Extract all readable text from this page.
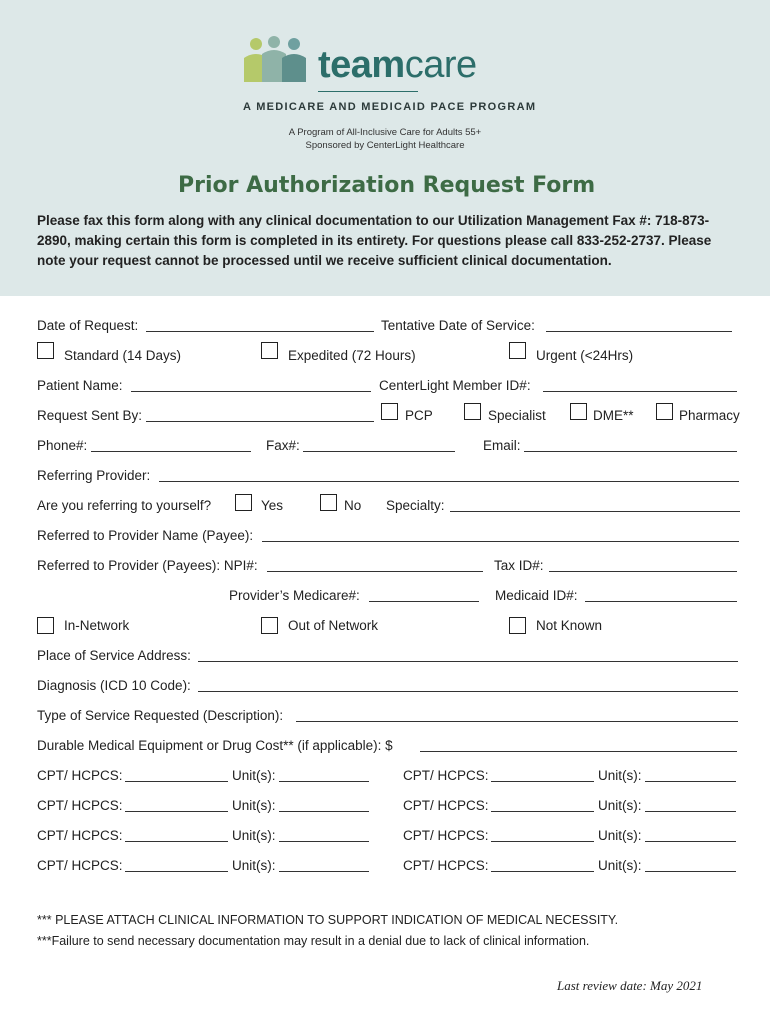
teamcare
A MEDICARE AND MEDICAID PACE PROGRAM
A Program of All-Inclusive Care for Adults 55+
Sponsored by CenterLight Healthcare
Prior Authorization Request Form
Please fax this form along with any clinical documentation to our Utilization Management Fax #: 718-873-2890, making certain this form is completed in its entirety. For questions please call 833-252-2737. Please note your request cannot be processed until we receive sufficient clinical documentation.
Date of Request:	Tentative Date of Service:
Standard (14 Days)	Expedited (72 Hours)	Urgent (<24Hrs)
Patient Name:	CenterLight Member ID#:
Request Sent By:	PCP	Specialist	DME**	Pharmacy
Phone#:	Fax#:	Email:
Referring Provider:
Are you referring to yourself?	Yes	No Specialty:
Referred to Provider Name (Payee):
Referred to Provider (Payees): NPI#:	Tax ID#:
Provider’s Medicare#:	Medicaid ID#:
In-Network	Out of Network	Not Known
Place of Service Address:
Diagnosis (ICD 10 Code):
Type of Service Requested (Description):
Durable Medical Equipment or Drug Cost** (if applicable): $
CPT/ HCPCS:	Unit(s):	CPT/ HCPCS:	Unit(s):
CPT/ HCPCS:	Unit(s):	CPT/ HCPCS:	Unit(s):
CPT/ HCPCS:	Unit(s):	CPT/ HCPCS:	Unit(s):
CPT/ HCPCS:	Unit(s):	CPT/ HCPCS:	Unit(s):
*** PLEASE ATTACH CLINICAL INFORMATION TO SUPPORT INDICATION OF MEDICAL NECESSITY.
***Failure to send necessary documentation may result in a denial due to lack of clinical information.
Last review date: May 2021
